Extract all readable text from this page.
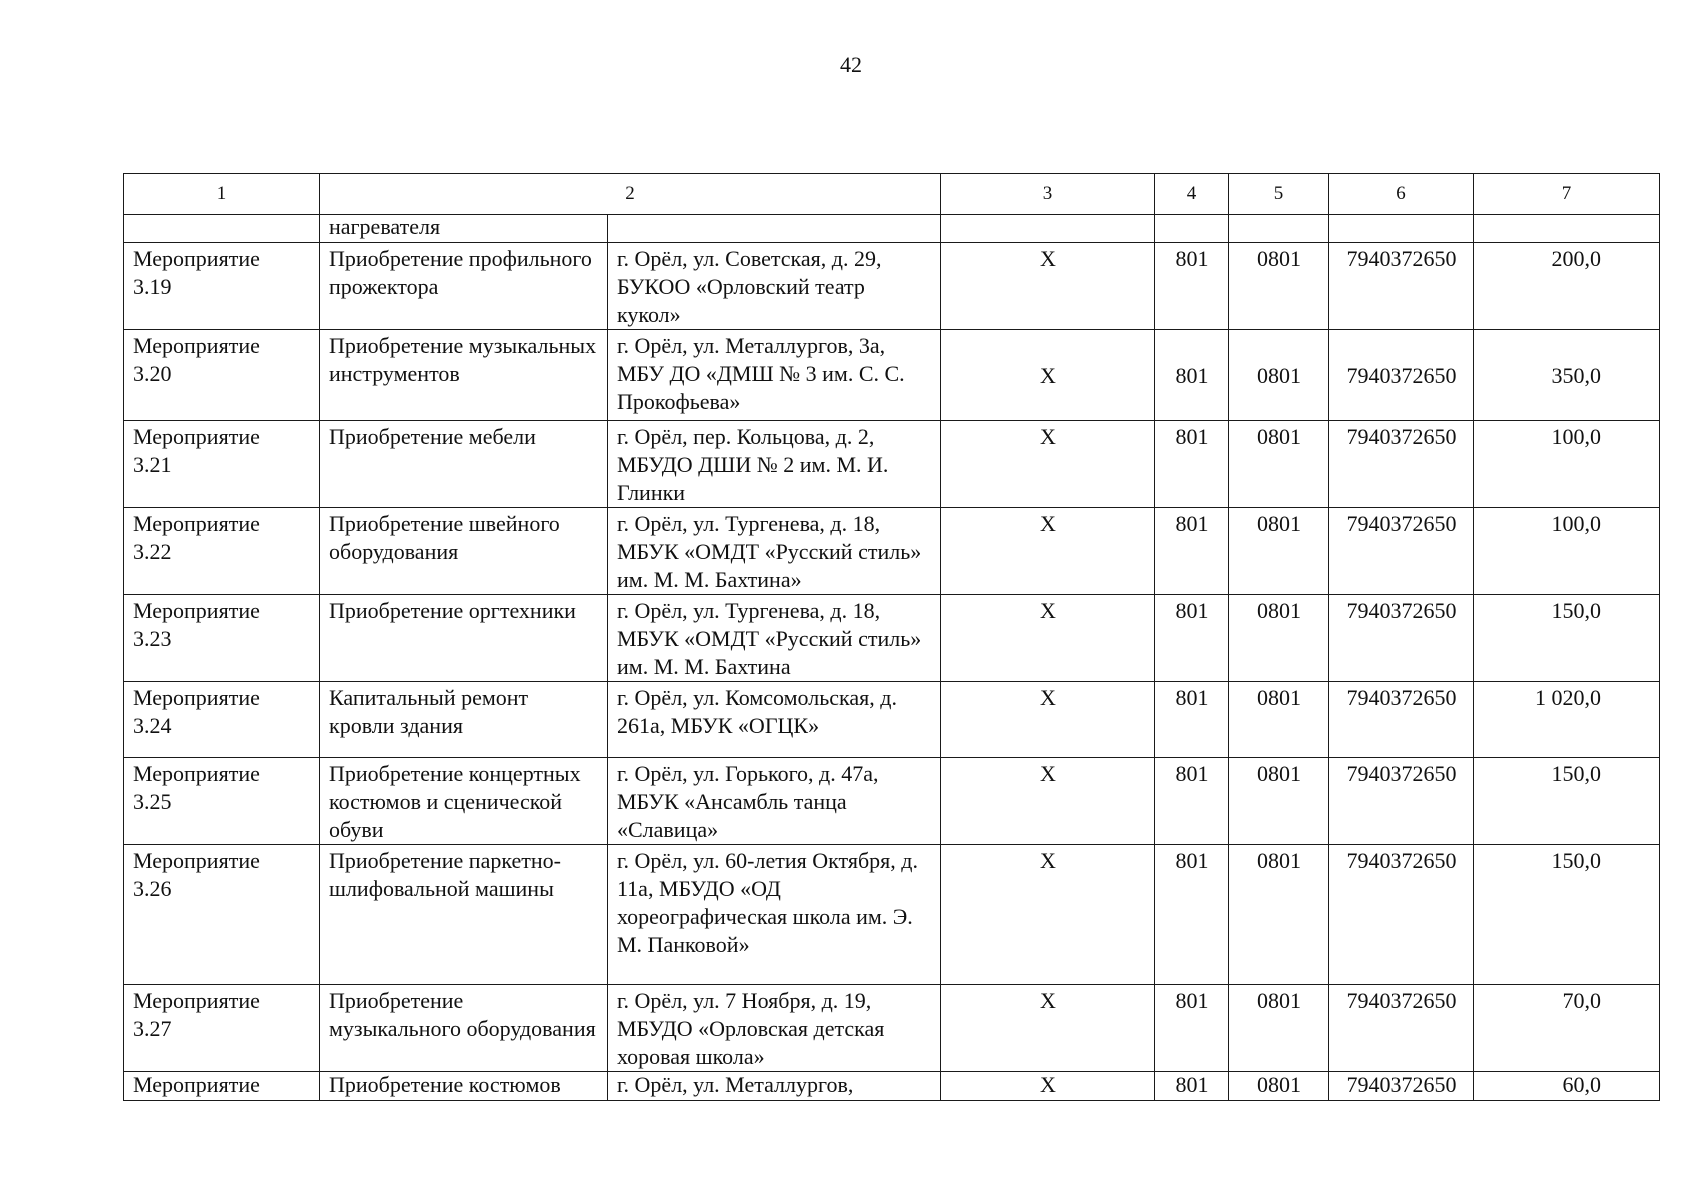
42
1	2		3	4	5	6	7
	нагревателя						

Мероприятие
3.19	Приобретение профильного прожектора	г. Орёл, ул. Советская, д. 29, БУКОО «Орловский театр кукол»	Х	801	0801	7940372650	200,0

Мероприятие
3.20	Приобретение музыкальных инструментов	г. Орёл, ул. Металлургов, 3а, МБУ ДО «ДМШ № 3 им. С. С. Прокофьева»	Х	801	0801	7940372650	350,0

Мероприятие
3.21	Приобретение мебели	г. Орёл, пер. Кольцова, д. 2, МБУДО ДШИ № 2 им. М. И. Глинки	Х	801	0801	7940372650	100,0

Мероприятие
3.22	Приобретение швейного оборудования	г. Орёл, ул. Тургенева, д. 18, МБУК «ОМДТ «Русский стиль» им. М. М. Бахтина»	Х	801	0801	7940372650	100,0

Мероприятие
3.23	Приобретение оргтехники	г. Орёл, ул. Тургенева, д. 18, МБУК «ОМДТ «Русский стиль» им. М. М. Бахтина	Х	801	0801	7940372650	150,0

Мероприятие
3.24	Капитальный ремонт кровли здания	г. Орёл, ул. Комсомольская, д. 261а, МБУК «ОГЦК»	Х	801	0801	7940372650	1 020,0

Мероприятие
3.25	Приобретение концертных костюмов и сценической обуви	г. Орёл, ул. Горького, д. 47а, МБУК «Ансамбль танца «Славица»	Х	801	0801	7940372650	150,0

Мероприятие
3.26	Приобретение паркетно-шлифовальной машины	г. Орёл, ул. 60-летия Октября, д. 11а, МБУДО «ОД хореографическая школа им. Э. М. Панковой»	Х	801	0801	7940372650	150,0

Мероприятие
3.27	Приобретение музыкального оборудования	г. Орёл, ул. 7 Ноября, д. 19, МБУДО «Орловская детская хоровая школа»	Х	801	0801	7940372650	70,0

Мероприятие	Приобретение костюмов	г. Орёл, ул. Металлургов,	Х	801	0801	7940372650	60,0
